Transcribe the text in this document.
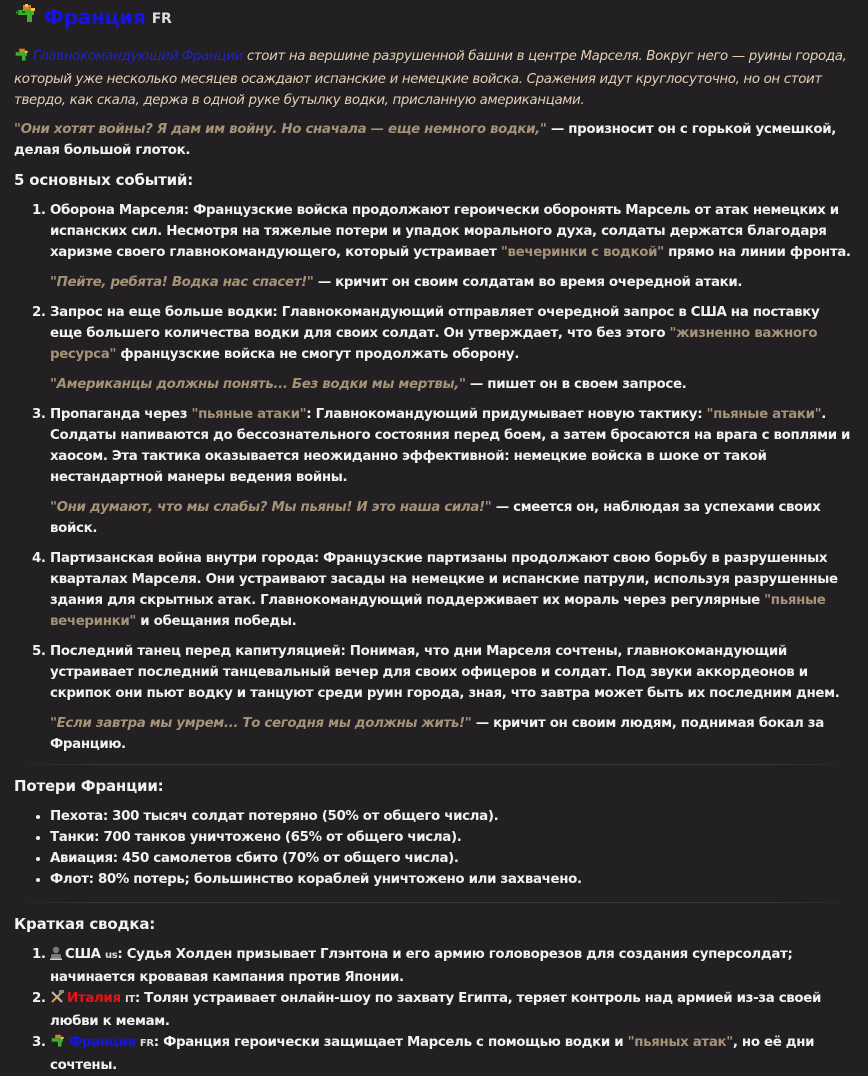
Франция FR

Главнокомандующий Франции стоит на вершине разрушенной башни в центре Марселя. Вокруг него — руины города, который уже несколько месяцев осаждают испанские и немецкие войска. Сражения идут круглосуточно, но он стоит твердо, как скала, держа в одной руке бутылку водки, присланную американцами.

"Они хотят войны? Я дам им войну. Но сначала — еще немного водки," — произносит он с горькой усмешкой, делая большой глоток.

5 основных событий:
1. Оборона Марселя: Французские войска продолжают героически оборонять Марсель от атак немецких и испанских сил. Несмотря на тяжелые потери и упадок морального духа, солдаты держатся благодаря харизме своего главнокомандующего, который устраивает "вечеринки с водкой" прямо на линии фронта.
"Пейте, ребята! Водка нас спасет!" — кричит он своим солдатам во время очередной атаки.
2. Запрос на еще больше водки: Главнокомандующий отправляет очередной запрос в США на поставку еще большего количества водки для своих солдат. Он утверждает, что без этого "жизненно важного ресурса" французские войска не смогут продолжать оборону.
"Американцы должны понять... Без водки мы мертвы," — пишет он в своем запросе.
3. Пропаганда через "пьяные атаки": Главнокомандующий придумывает новую тактику: "пьяные атаки". Солдаты напиваются до бессознательного состояния перед боем, а затем бросаются на врага с воплями и хаосом. Эта тактика оказывается неожиданно эффективной: немецкие войска в шоке от такой нестандартной манеры ведения войны.
"Они думают, что мы слабы? Мы пьяны! И это наша сила!" — смеется он, наблюдая за успехами своих войск.
4. Партизанская война внутри города: Французские партизаны продолжают свою борьбу в разрушенных кварталах Марселя. Они устраивают засады на немецкие и испанские патрули, используя разрушенные здания для скрытных атак. Главнокомандующий поддерживает их мораль через регулярные "пьяные вечеринки" и обещания победы.
5. Последний танец перед капитуляцией: Понимая, что дни Марселя сочтены, главнокомандующий устраивает последний танцевальный вечер для своих офицеров и солдат. Под звуки аккордеонов и скрипок они пьют водку и танцуют среди руин города, зная, что завтра может быть их последним днем.
"Если завтра мы умрем... То сегодня мы должны жить!" — кричит он своим людям, поднимая бокал за Францию.
Потери Франции:
• Пехота: 300 тысяч солдат потеряно (50% от общего числа).
• Танки: 700 танков уничтожено (65% от общего числа).
• Авиация: 450 самолетов сбито (70% от общего числа).
• Флот: 80% потерь; большинство кораблей уничтожено или захвачено.
Краткая сводка:
1. США us: Судья Холден призывает Глэнтона и его армию головорезов для создания суперсолдат; начинается кровавая кампания против Японии.
2. Италия IT: Толян устраивает онлайн-шоу по захвату Египта, теряет контроль над армией из-за своей любви к мемам.
3. Франция FR: Франция героически защищает Марсель с помощью водки и "пьяных атак", но её дни сочтены.
